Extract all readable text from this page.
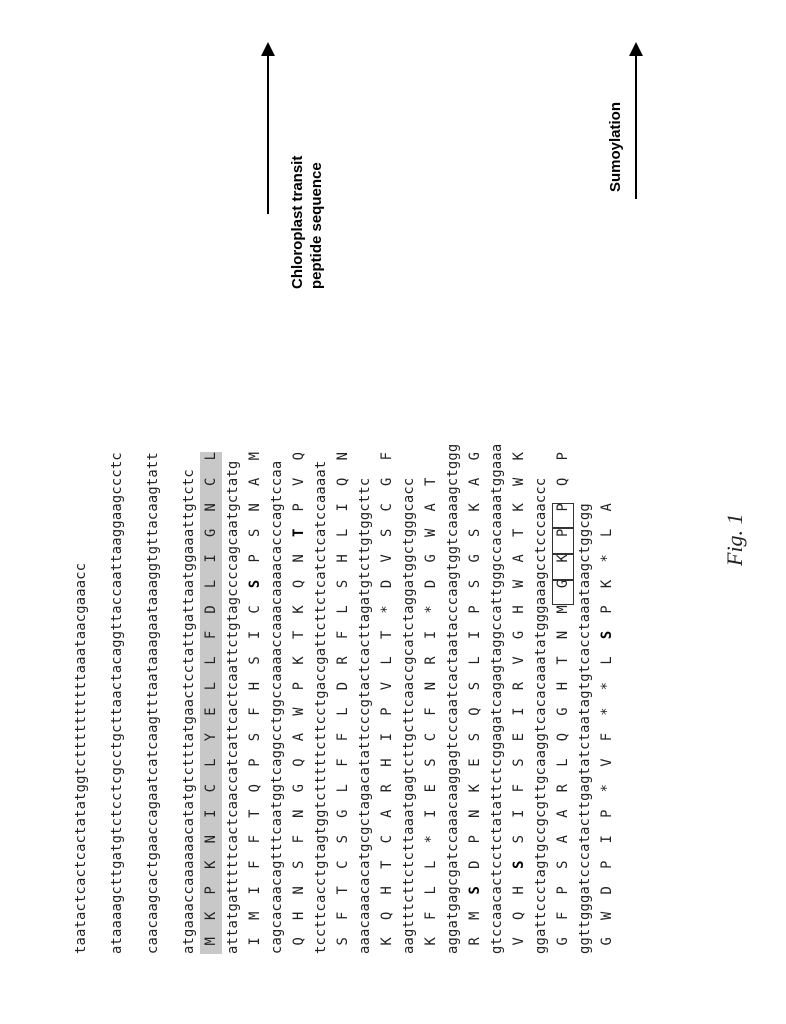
taatactcactcactatatggtcttttttttttaaataacgaaacc ataaaagcttgatgtctcctcgcctgcttaactacaggttaccaattaaggaagccctc caacaagcactgaaccagaatcatcaagtttaataaagaataaaggtgttacaagtatt atgaaaccaaaaaacatatgtctttatgaactcctattgattaatggaaattgtctc M  K  P  K  N  I  C  L  Y  E  L  L  F  D  L  I  G  N  C  L attatgatttttcactcaaccatcattcactcaattctgtagccccagcaatgctatg I  M  I  F  F  T  Q  P  S  F  H  S  I  C  S  P  S  N  A  M cagcacaacagtttcaatggtcaggcctggccaaaaccaaacaaaacacccagtccaa Q  H  N  S  F  N  G  Q  A  W  P  K  T  K  Q  N  T  P  V  Q tccttcacctgtagtggtctttttcttcctgaccgattcttctcatctcatccaaaat S  F  T  C  S  G  L  F  F  L  D  R  F  L  S  H  L  I  Q  N
aaacaaacacatgcgctagacatattcccgtactcacttagatgtcttgtggcttc K  Q  H  T  C  A  R  H  I  P  V  L  T  *  D  V  S  C  G  F
aagtttcttctcttaaatgagtcttgcttcaaccgcatctaggatggctgggcacc K  F  L  L  *  I  E  S  C  F  N  R  I  *  D  G  W  A  T aggatgagcgatccaaacaaggagtcccaatcactaatacccaagtggtcaaaagctggg R  M  S  D  P  N  K  E  S  Q  S  L  I  P  S  G  S  K  A  G gtccaacactcctctatattctcggagatcagagtaggccattgggccacaaaatggaaa V  Q  H  S  S  I  F  S  E  I  R  V  G  H  W  A  T  K  W  K
ggattccctagtgccgcgttgcaaggtcacacaaatatgggaaagcctcccaaccc G  F  P  S  A  A  R  L  Q  G  H  T  N  M  G  K  P  P  Q  P
ggttgggatcccatacttgagtatctaatagtgtcacctaaataagctggcgg G  W  D  P  I  P  *  V  F  *  *  L  S  P  K  *  L  A
Chloroplast transit peptide sequence
Sumoylation
Fig. 1
